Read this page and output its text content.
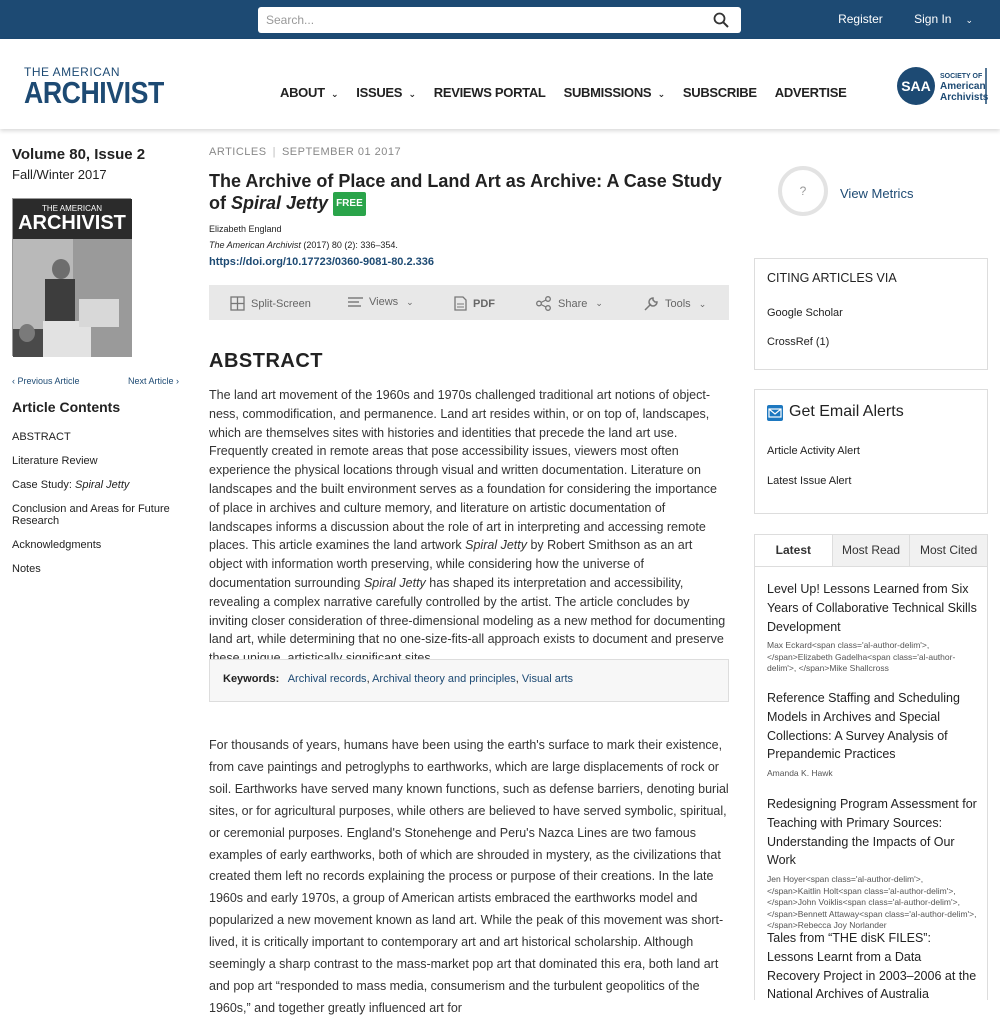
Search...
Register	Sign In ⌄
THE AMERICAN
ARCHIVIST	ABOUT ⌄ ISSUES ⌄ REVIEWS PORTAL SUBMISSIONS ⌄ SUBSCRIBE ADVERTISE	SAA
SOCIETY OF
American
Archivists
Volume 80, Issue 2
Fall/Winter 2017
THE AMERICAN
ARCHIVIST
‹ Previous Article	Next Article ›
Article Contents
ABSTRACT
Literature Review
Case Study: Spiral Jetty
Conclusion and Areas for Future Research
Acknowledgments
Notes
ARTICLES | SEPTEMBER 01 2017
The Archive of Place and Land Art as Archive: A Case Study of Spiral Jetty FREE
Elizabeth England
The American Archivist (2017) 80 (2): 336–354.
https://doi.org/10.17723/0360-9081-80.2.336
Split-Screen	Views ⌄	PDF	Share ⌄	Tools ⌄
ABSTRACT
The land art movement of the 1960s and 1970s challenged traditional art notions of object-ness, commodification, and permanence. Land art resides within, or on top of, landscapes, which are themselves sites with histories and identities that precede the land art use. Frequently created in remote areas that pose accessibility issues, viewers most often experience the physical locations through visual and written documentation. Literature on landscapes and the built environment serves as a foundation for considering the importance of place in archives and culture memory, and literature on artistic documentation of landscapes informs a discussion about the role of art in interpreting and accessing remote places. This article examines the land artwork Spiral Jetty by Robert Smithson as an art object with information worth preserving, while considering how the universe of documentation surrounding Spiral Jetty has shaped its interpretation and accessibility, revealing a complex narrative carefully controlled by the artist. The article concludes by inviting closer consideration of three-dimensional modeling as a new method for documenting land art, while determining that no one-size-fits-all approach exists to document and preserve
Keywords: Archival records, Archival theory and principles, Visual arts
For thousands of years, humans have been using the earth's surface to mark their existence, from cave paintings and petroglyphs to earthworks, which are large displacements of rock or soil. Earthworks have served many known functions, such as defense barriers, denoting burial sites, or for agricultural purposes, while others are believed to have served symbolic, spiritual, or ceremonial purposes. England's Stonehenge and Peru's Nazca Lines are two famous examples of early earthworks, both of which are shrouded in mystery, as the civilizations that created them left no records explaining the process or purpose of their creations. In the late 1960s and early 1970s, a group of American artists embraced the earthworks model and popularized a new movement known as land art. While the peak of this movement was short-lived, it is critically important to contemporary art and art historical scholarship. Although seemingly a sharp contrast to the mass-market pop art that dominated this era, both land art and pop art “responded to mass media, consumerism and the turbulent geopolitics of the 1960s,” and together greatly influenced art for
?	View Metrics
CITING ARTICLES VIA
Google Scholar
CrossRef (1)
Get Email Alerts
Article Activity Alert
Latest Issue Alert
Latest	Most Read	Most Cited
Level Up! Lessons Learned from Six Years of Collaborative Technical Skills Development
Max Eckard<span class='al-author-delim'>, </span>Elizabeth Gadelha<span class='al-author-delim'>, </span>Mike Shallcross
Reference Staffing and Scheduling Models in Archives and Special Collections: A Survey Analysis of Prepandemic Practices
Amanda K. Hawk
Redesigning Program Assessment for Teaching with Primary Sources: Understanding the Impacts of Our Work
Jen Hoyer<span class='al-author-delim'>, </span>Kaitlin Holt<span class='al-author-delim'>, </span>John Voiklis<span class='al-author-delim'>, </span>Bennett Attaway<span class='al-author-delim'>, </span>Rebecca Joy Norlander
Tales from “THE disK FILES”: Lessons Learnt from a Data Recovery Project in 2003–2006 at the National Archives of Australia
